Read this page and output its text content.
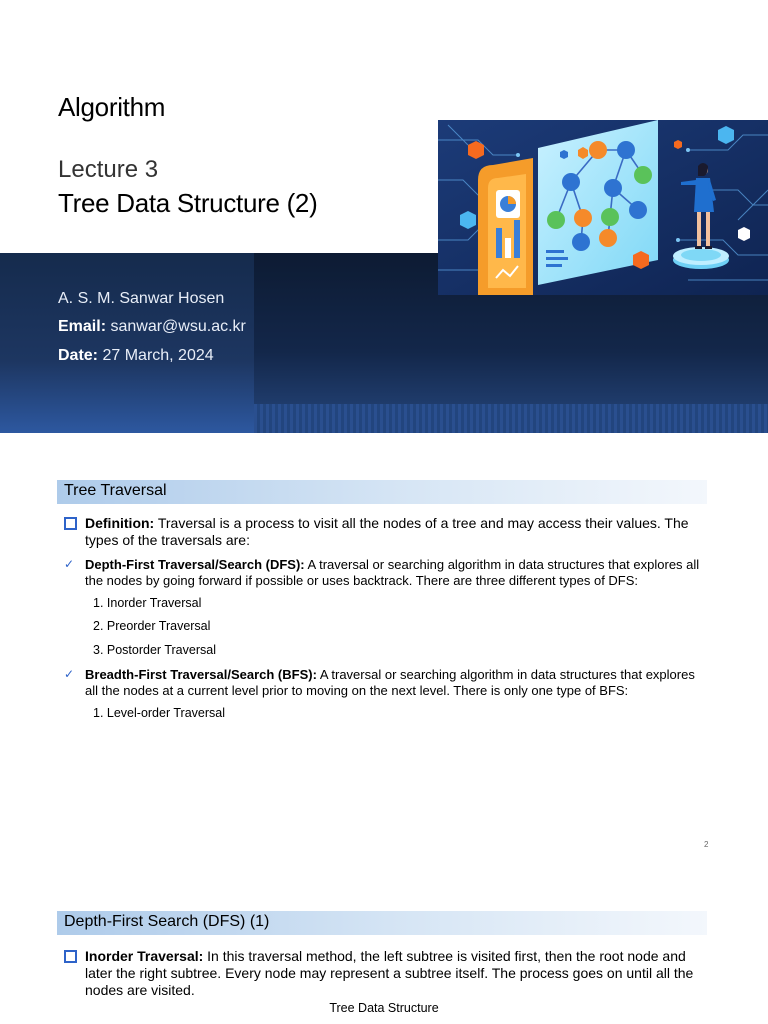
Algorithm
Lecture 3
Tree Data Structure (2)
A. S. M. Sanwar Hosen
Email: sanwar@wsu.ac.kr
Date: 27 March, 2024
Tree Traversal
Definition: Traversal is a process to visit all the nodes of a tree and may access their values. The types of the traversals are:
✓ Depth-First Traversal/Search (DFS): A traversal or searching algorithm in data structures that explores all the nodes by going forward if possible or uses backtrack. There are three different types of DFS:
1. Inorder Traversal
2. Preorder Traversal
3. Postorder Traversal
✓ Breadth-First Traversal/Search (BFS): A traversal or searching algorithm in data structures that explores all the nodes at a current level prior to moving on the next level. There is only one type of BFS:
1. Level-order Traversal
2
Depth-First Search (DFS) (1)
Inorder Traversal: In this traversal method, the left subtree is visited first, then the root node and later the right subtree. Every node may represent a subtree itself. The process goes on until all the nodes are visited.
Tree Data Structure
